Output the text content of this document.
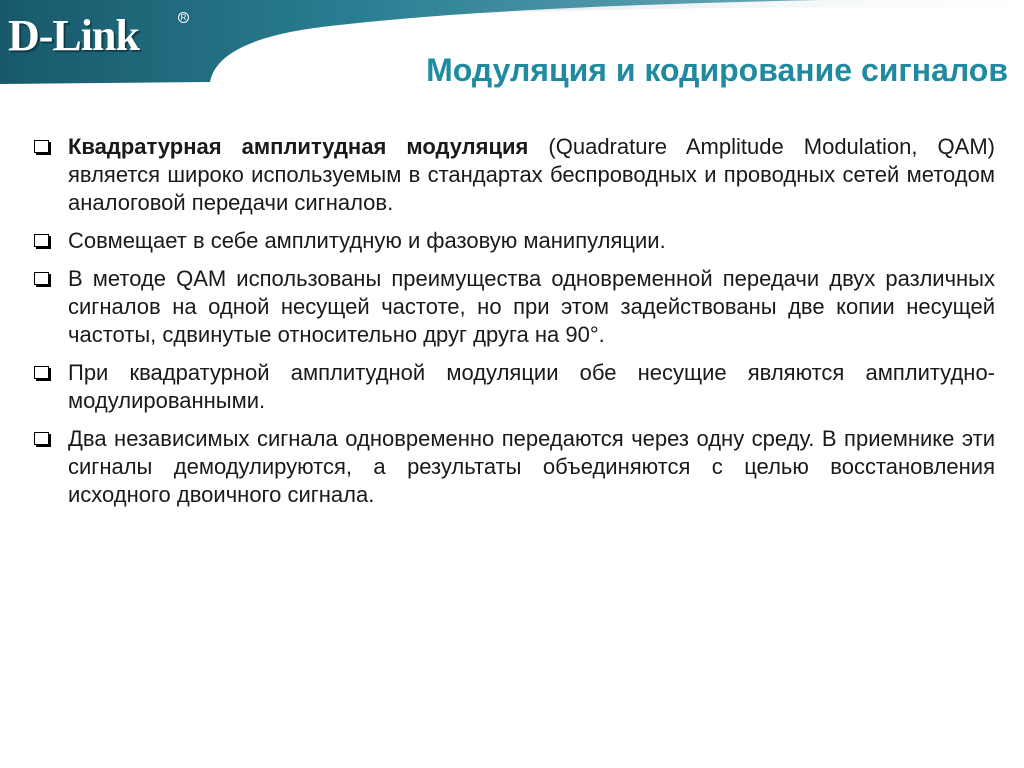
D-Link	R
Модуляция и кодирование сигналов
Квадратурная амплитудная модуляция (Quadrature Amplitude Modulation, QAM) является широко используемым в стандартах беспроводных и проводных сетей методом аналоговой передачи сигналов.
Совмещает в себе амплитудную и фазовую манипуляции.
В методе QAM использованы преимущества одновременной передачи двух различных сигналов на одной несущей частоте, но при этом задействованы две копии несущей частоты, сдвинутые относительно друг друга на 90°.
При квадратурной амплитудной модуляции обе несущие являются амплитудно-модулированными.
Два независимых сигнала одновременно передаются через одну среду. В приемнике эти сигналы демодулируются, а результаты объединяются с целью восстановления исходного двоичного сигнала.
